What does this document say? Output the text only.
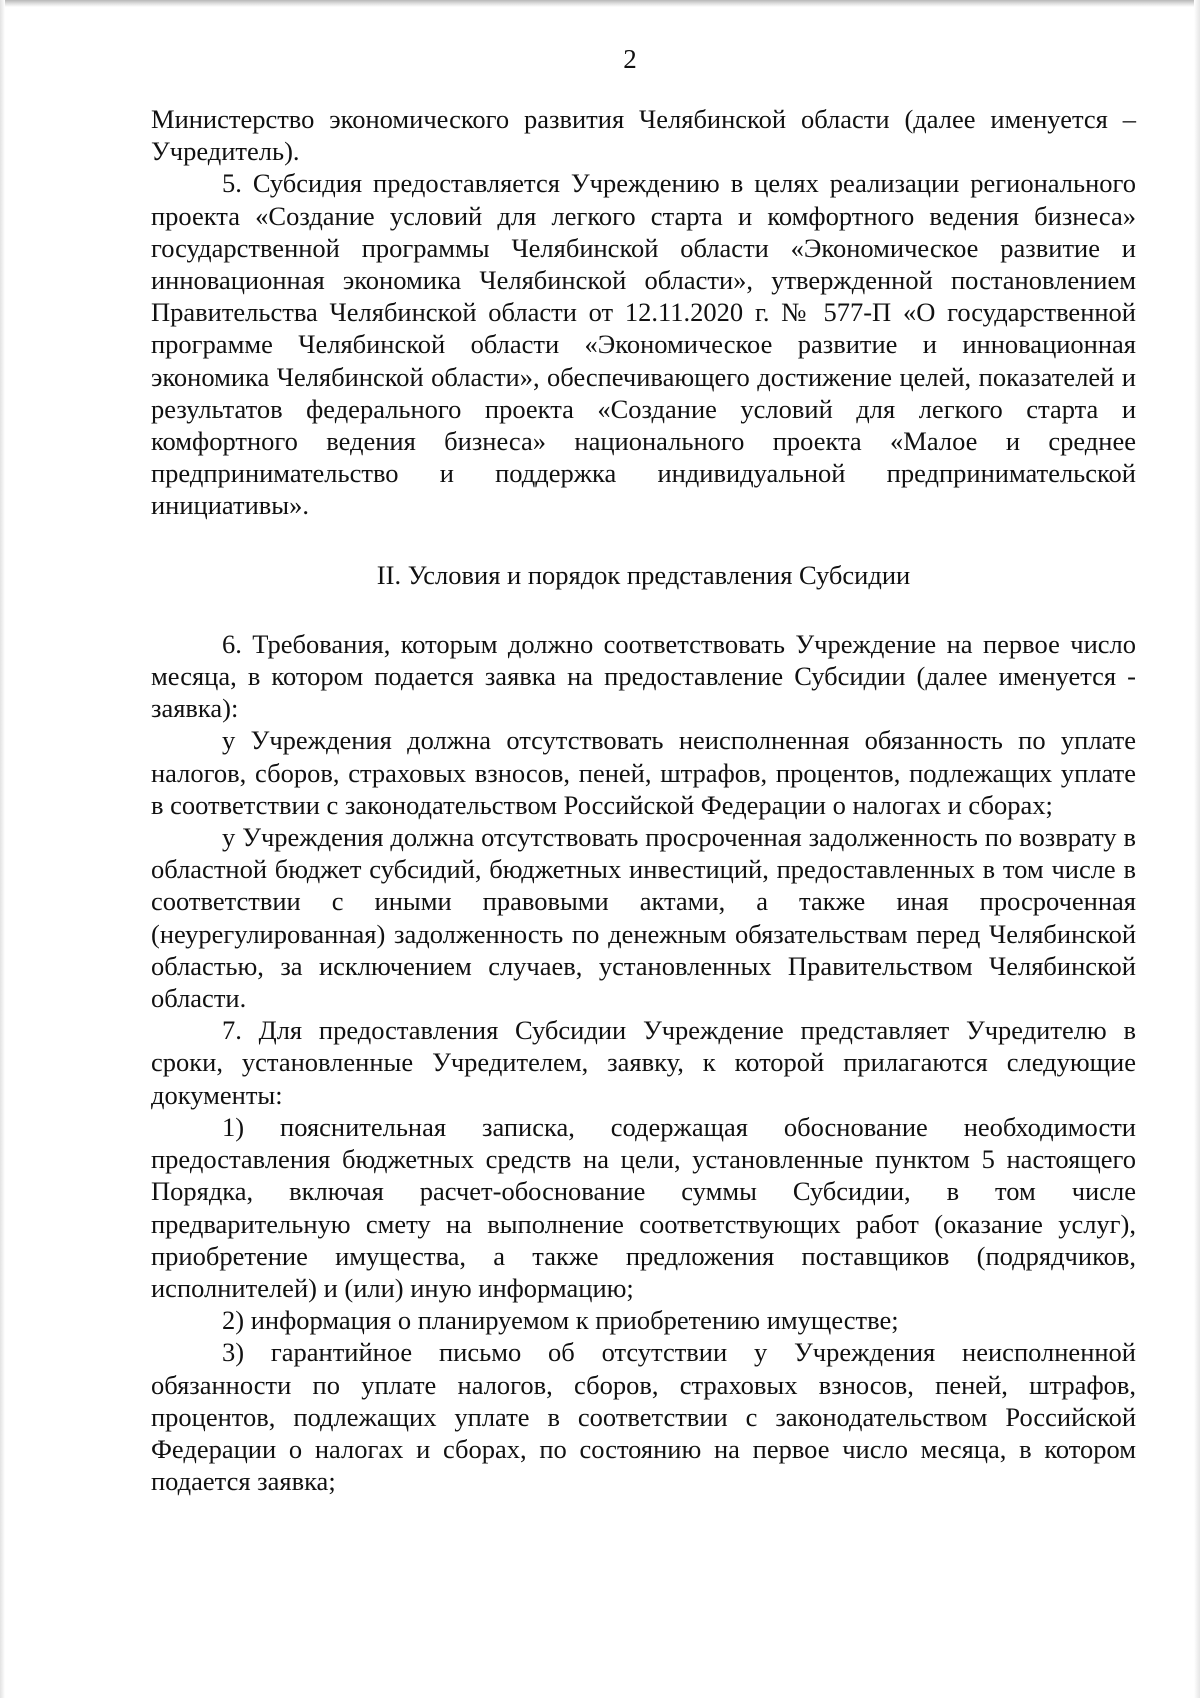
2

Министерство экономического развития Челябинской области (далее именуется – Учредитель).

5. Субсидия предоставляется Учреждению в целях реализации регионального проекта «Создание условий для легкого старта и комфортного ведения бизнеса» государственной программы Челябинской области «Экономическое развитие и инновационная экономика Челябинской области», утвержденной постановлением Правительства Челябинской области от 12.11.2020 г. № 577-П «О государственной программе Челябинской области «Экономическое развитие и инновационная экономика Челябинской области», обеспечивающего достижение целей, показателей и результатов федерального проекта «Создание условий для легкого старта и комфортного ведения бизнеса» национального проекта «Малое и среднее предпринимательство и поддержка индивидуальной предпринимательской инициативы».

II. Условия и порядок представления Субсидии

6. Требования, которым должно соответствовать Учреждение на первое число месяца, в котором подается заявка на предоставление Субсидии (далее именуется - заявка):

у Учреждения должна отсутствовать неисполненная обязанность по уплате налогов, сборов, страховых взносов, пеней, штрафов, процентов, подлежащих уплате в соответствии с законодательством Российской Федерации о налогах и сборах;

у Учреждения должна отсутствовать просроченная задолженность по возврату в областной бюджет субсидий, бюджетных инвестиций, предоставленных в том числе в соответствии с иными правовыми актами, а также иная просроченная (неурегулированная) задолженность по денежным обязательствам перед Челябинской областью, за исключением случаев, установленных Правительством Челябинской области.

7. Для предоставления Субсидии Учреждение представляет Учредителю в сроки, установленные Учредителем, заявку, к которой прилагаются следующие документы:

1) пояснительная записка, содержащая обоснование необходимости предоставления бюджетных средств на цели, установленные пунктом 5 настоящего Порядка, включая расчет-обоснование суммы Субсидии, в том числе предварительную смету на выполнение соответствующих работ (оказание услуг), приобретение имущества, а также предложения поставщиков (подрядчиков, исполнителей) и (или) иную информацию;

2) информация о планируемом к приобретению имуществе;

3) гарантийное письмо об отсутствии у Учреждения неисполненной обязанности по уплате налогов, сборов, страховых взносов, пеней, штрафов, процентов, подлежащих уплате в соответствии с законодательством Российской Федерации о налогах и сборах, по состоянию на первое число месяца, в котором подается заявка;
